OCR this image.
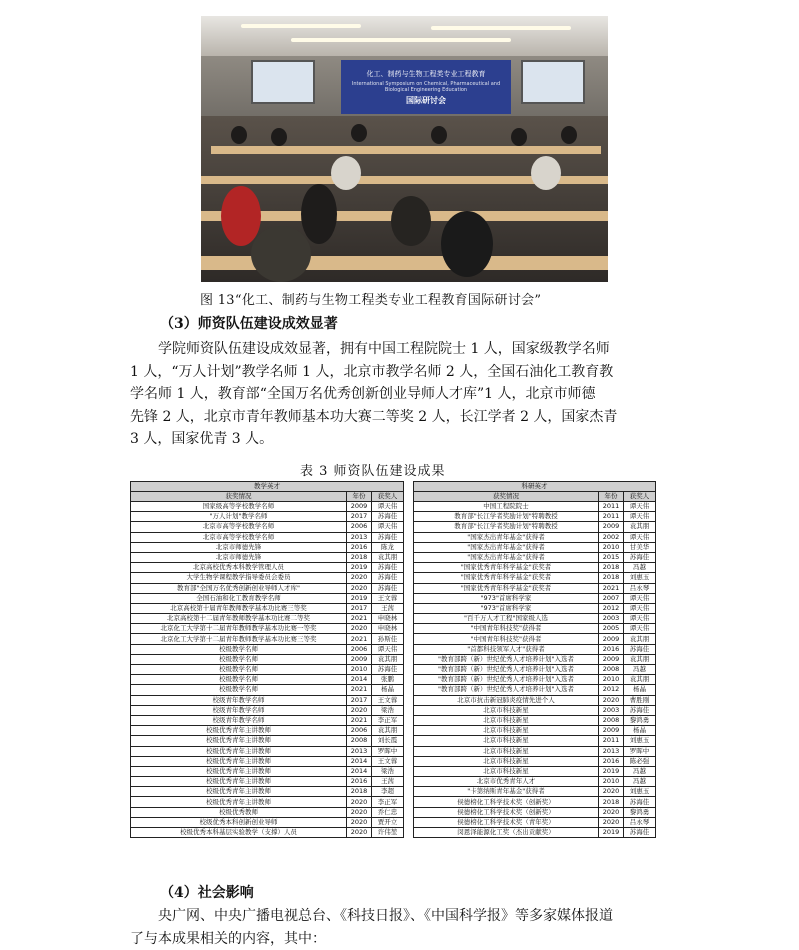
化工、制药与生物工程类专业工程教育
International Symposium on Chemical, Pharmaceutical and Biological Engineering Education
国际研讨会
图 13“化工、制药与生物工程类专业工程教育国际研讨会”
（3）师资队伍建设成效显著

学院师资队伍建设成效显著，拥有中国工程院院士 1 人，国家级教学名师
1 人，“万人计划”教学名师 1 人，北京市教学名师 2 人，全国石油化工教育教
学名师 1 人，教育部“全国万名优秀创新创业导师人才库”1 人，北京市师德
先锋 2 人，北京市青年教师基本功大赛二等奖 2 人，长江学者 2 人，国家杰青
3 人，国家优青 3 人。

表 3 师资队伍建设成果
教学英才		
获奖情况	年份	获奖人
国家级高等学校教学名师	2009	谭天伟
"万人计划"教学名师	2017	苏海佳
北京市高等学校教学名师	2006	谭天伟
北京市高等学校教学名师	2013	苏海佳
北京市师德先锋	2016	陈龙
北京市师德先锋	2018	袁其朋
北京高校优秀本科教学管理人员	2019	苏海佳
大学生物学课程教学指导委员会委员	2020	苏海佳
教育部"全国万名优秀创新创业导师人才库"	2020	苏海佳
全国石油和化工教育教学名师	2019	王文蓉
北京高校第十届青年教师教学基本功比赛三等奖	2017	王茜
北京高校第十二届青年教师教学基本功比赛二等奖	2021	申晓林
北京化工大学第十二届青年教师教学基本功比赛一等奖	2020	申晓林
北京化工大学第十二届青年教师教学基本功比赛三等奖	2021	孙斯佳
校级教学名师	2006	谭天伟
校级教学名师	2009	袁其朋
校级教学名师	2010	苏海佳
校级教学名师	2014	张鹏
校级教学名师	2021	杨晶
校级青年教学名师	2017	王文蓉
校级青年教学名师	2020	梁浩
校级青年教学名师	2021	李正军
校级优秀青年主讲教师	2006	袁其朋
校级优秀青年主讲教师	2008	刘长霞
校级优秀青年主讲教师	2013	罗晖中
校级优秀青年主讲教师	2014	王文蓉
校级优秀青年主讲教师	2014	梁浩
校级优秀青年主讲教师	2016	王茜
校级优秀青年主讲教师	2018	李超
校级优秀青年主讲教师	2020	李正军
校级优秀教师	2020	乔仁忠
校级优秀本科创新创业导师	2020	贾开立
校级优秀本科基层实验教学（支撑）人员	2020	许伟堃
科研英才		
获奖情况	年份	获奖人
中国工程院院士	2011	谭天伟
教育部"长江学者奖励计划"特聘教授	2011	谭天伟
教育部"长江学者奖励计划"特聘教授	2009	袁其朋
"国家杰出青年基金"获得者	2002	谭天伟
"国家杰出青年基金"获得者	2010	甘美华
"国家杰出青年基金"获得者	2015	苏海佳
"国家优秀青年科学基金"获奖者	2018	冯越
"国家优秀青年科学基金"获奖者	2018	刘惠玉
"国家优秀青年科学基金"获奖者	2021	吕永琴
"973"首席科学家	2007	谭天伟
"973"首席科学家	2012	谭天伟
"百千万人才工程"国家级人选	2003	谭天伟
"中国青年科技奖"获得者	2005	谭天伟
"中国青年科技奖"获得者	2009	袁其朋
"首都科技领军人才"获得者	2016	苏海佳
"教育部跨（新）世纪优秀人才培养计划"入选者	2009	袁其朋
"教育部跨（新）世纪优秀人才培养计划"入选者	2008	冯越
"教育部跨（新）世纪优秀人才培养计划"入选者	2010	袁其朋
"教育部跨（新）世纪优秀人才培养计划"入选者	2012	杨晶
北京市抗击新冠肺炎疫情先进个人	2020	曹胜刚
北京市科技新星	2003	苏海佳
北京市科技新星	2008	黎鸿勇
北京市科技新星	2009	杨晶
北京市科技新星	2011	刘惠玉
北京市科技新星	2013	罗晖中
北京市科技新星	2016	陈必强
北京市科技新星	2019	冯越
北京市优秀青年人才	2010	冯越
"卡第纳斯青年基金"获得者	2020	刘惠玉
侯德榜化工科学技术奖（创新奖）	2018	苏海佳
侯德榜化工科学技术奖（创新奖）	2020	黎鸿勇
侯德榜化工科学技术奖（青年奖）	2020	吕永琴
闵恩泽能源化工奖（杰出贡献奖）	2019	苏海佳
（4）社会影响

央广网、中央广播电视总台、《科技日报》、《中国科学报》等多家媒体报道
了与本成果相关的内容，其中：
